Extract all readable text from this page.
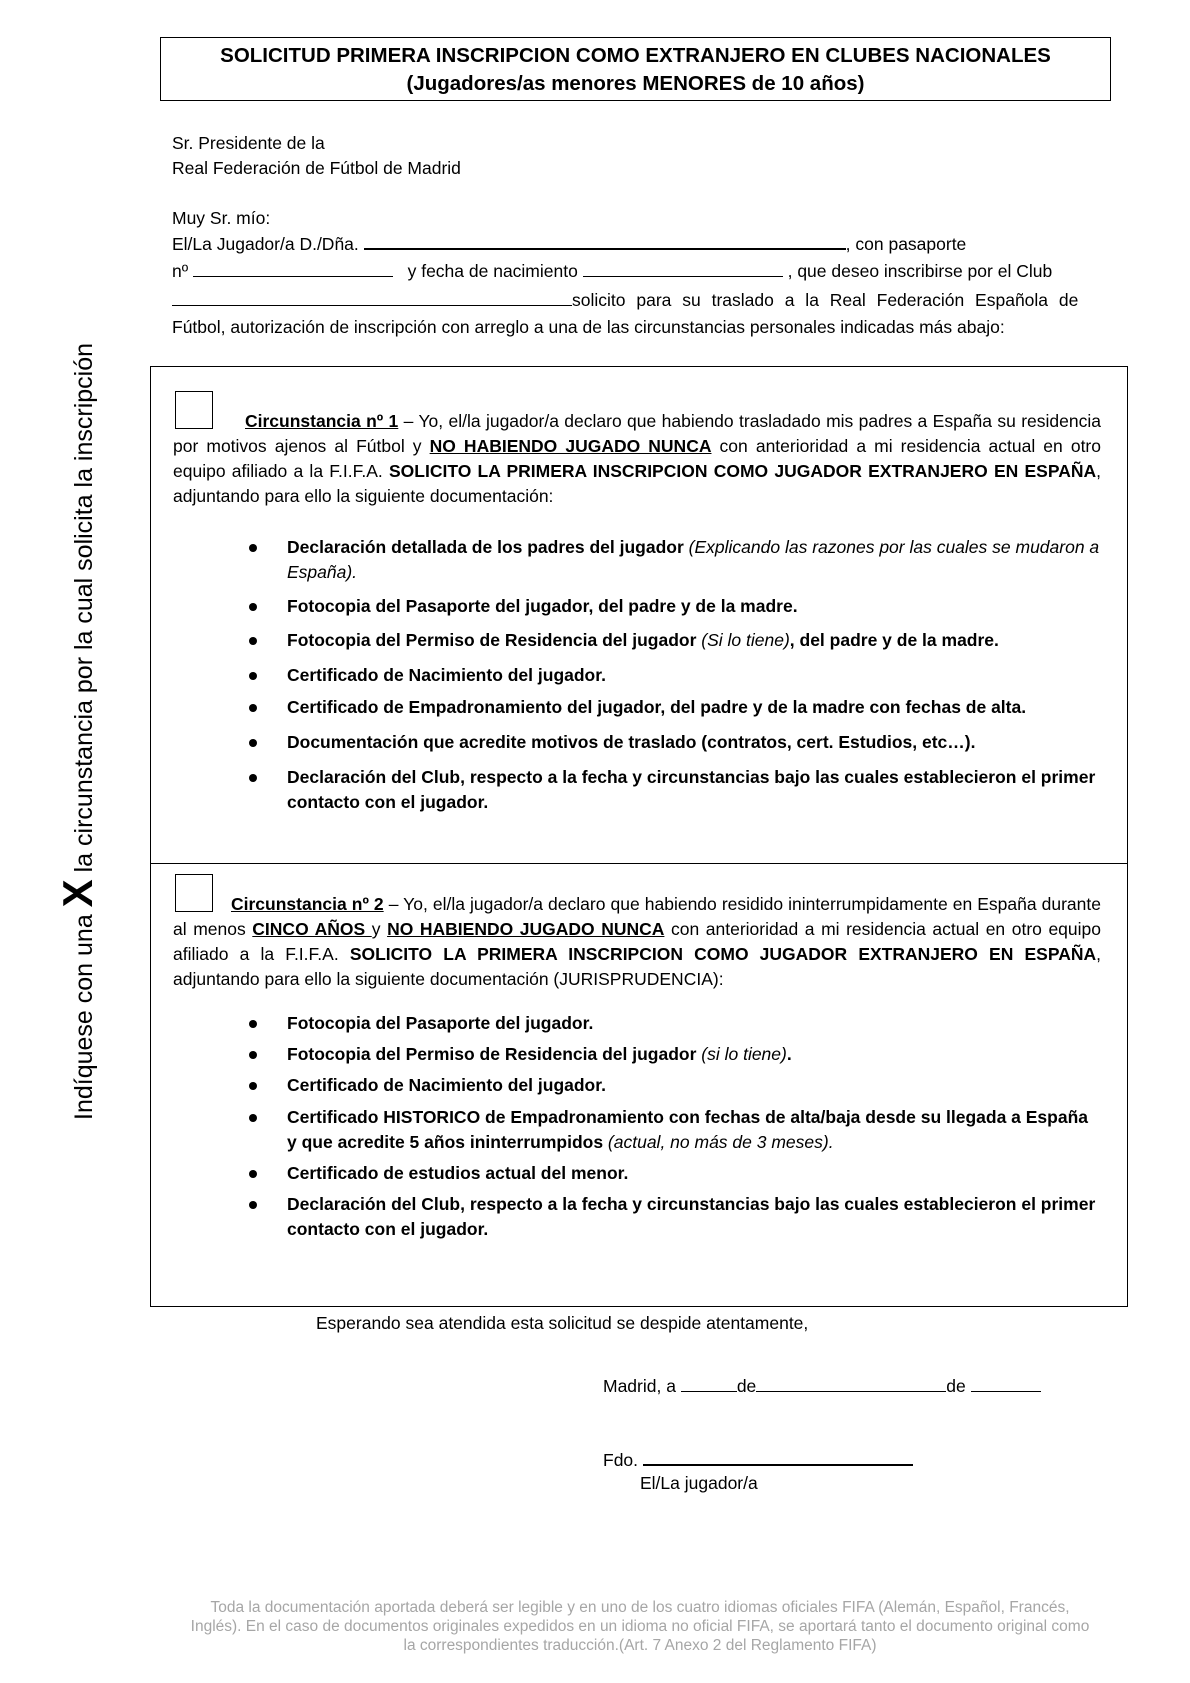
SOLICITUD PRIMERA INSCRIPCION COMO EXTRANJERO EN CLUBES NACIONALES
(Jugadores/as menores MENORES de 10 años)
Sr. Presidente de la
Real Federación de Fútbol de Madrid
Muy Sr. mío:
El/La Jugador/a D./Dña.	, con pasaporte
nº	y fecha de nacimiento	, que deseo inscribirse por el Club
solicito para su traslado a la Real Federación Española de
Fútbol, autorización de inscripción con arreglo a una de las circunstancias personales indicadas más abajo:
Indíquese con una X la circunstancia por la cual solicita la inscripción	Circunstancia nº 1 – Yo, el/la jugador/a declaro que habiendo trasladado mis padres a España su residencia por motivos ajenos al Fútbol y NO HABIENDO JUGADO NUNCA con anterioridad a mi residencia actual en otro equipo afiliado a la F.I.F.A. SOLICITO LA PRIMERA INSCRIPCION COMO JUGADOR EXTRANJERO EN ESPAÑA, adjuntando para ello la siguiente documentación:
Declaración detallada de los padres del jugador (Explicando las razones por las cuales se mudaron a España).
Fotocopia del Pasaporte del jugador, del padre y de la madre.
Fotocopia del Permiso de Residencia del jugador (Si lo tiene), del padre y de la madre.
Certificado de Nacimiento del jugador.
Certificado de Empadronamiento del jugador, del padre y de la madre con fechas de alta.
Documentación que acredite motivos de traslado (contratos, cert. Estudios, etc…).
Declaración del Club, respecto a la fecha y circunstancias bajo las cuales establecieron el primer contacto con el jugador.
Circunstancia nº 2 – Yo, el/la jugador/a declaro que habiendo residido ininterrumpidamente en España durante al menos CINCO AÑOS y NO HABIENDO JUGADO NUNCA con anterioridad a mi residencia actual en otro equipo afiliado a la F.I.F.A. SOLICITO LA PRIMERA INSCRIPCION COMO JUGADOR EXTRANJERO EN ESPAÑA, adjuntando para ello la siguiente documentación (JURISPRUDENCIA):
Fotocopia del Pasaporte del jugador.
Fotocopia del Permiso de Residencia del jugador (si lo tiene).
Certificado de Nacimiento del jugador.
Certificado HISTORICO de Empadronamiento con fechas de alta/baja desde su llegada a España y que acredite 5 años ininterrumpidos (actual, no más de 3 meses).
Certificado de estudios actual del menor.
Declaración del Club, respecto a la fecha y circunstancias bajo las cuales establecieron el primer contacto con el jugador.
Esperando sea atendida esta solicitud se despide atentamente,
Madrid, a	de	de
Fdo.
El/La jugador/a
Toda la documentación aportada deberá ser legible y en uno de los cuatro idiomas oficiales FIFA (Alemán, Español, Francés, Inglés). En el caso de documentos originales expedidos en un idioma no oficial FIFA, se aportará tanto el documento original como la correspondientes traducción.(Art. 7 Anexo 2 del Reglamento FIFA)
